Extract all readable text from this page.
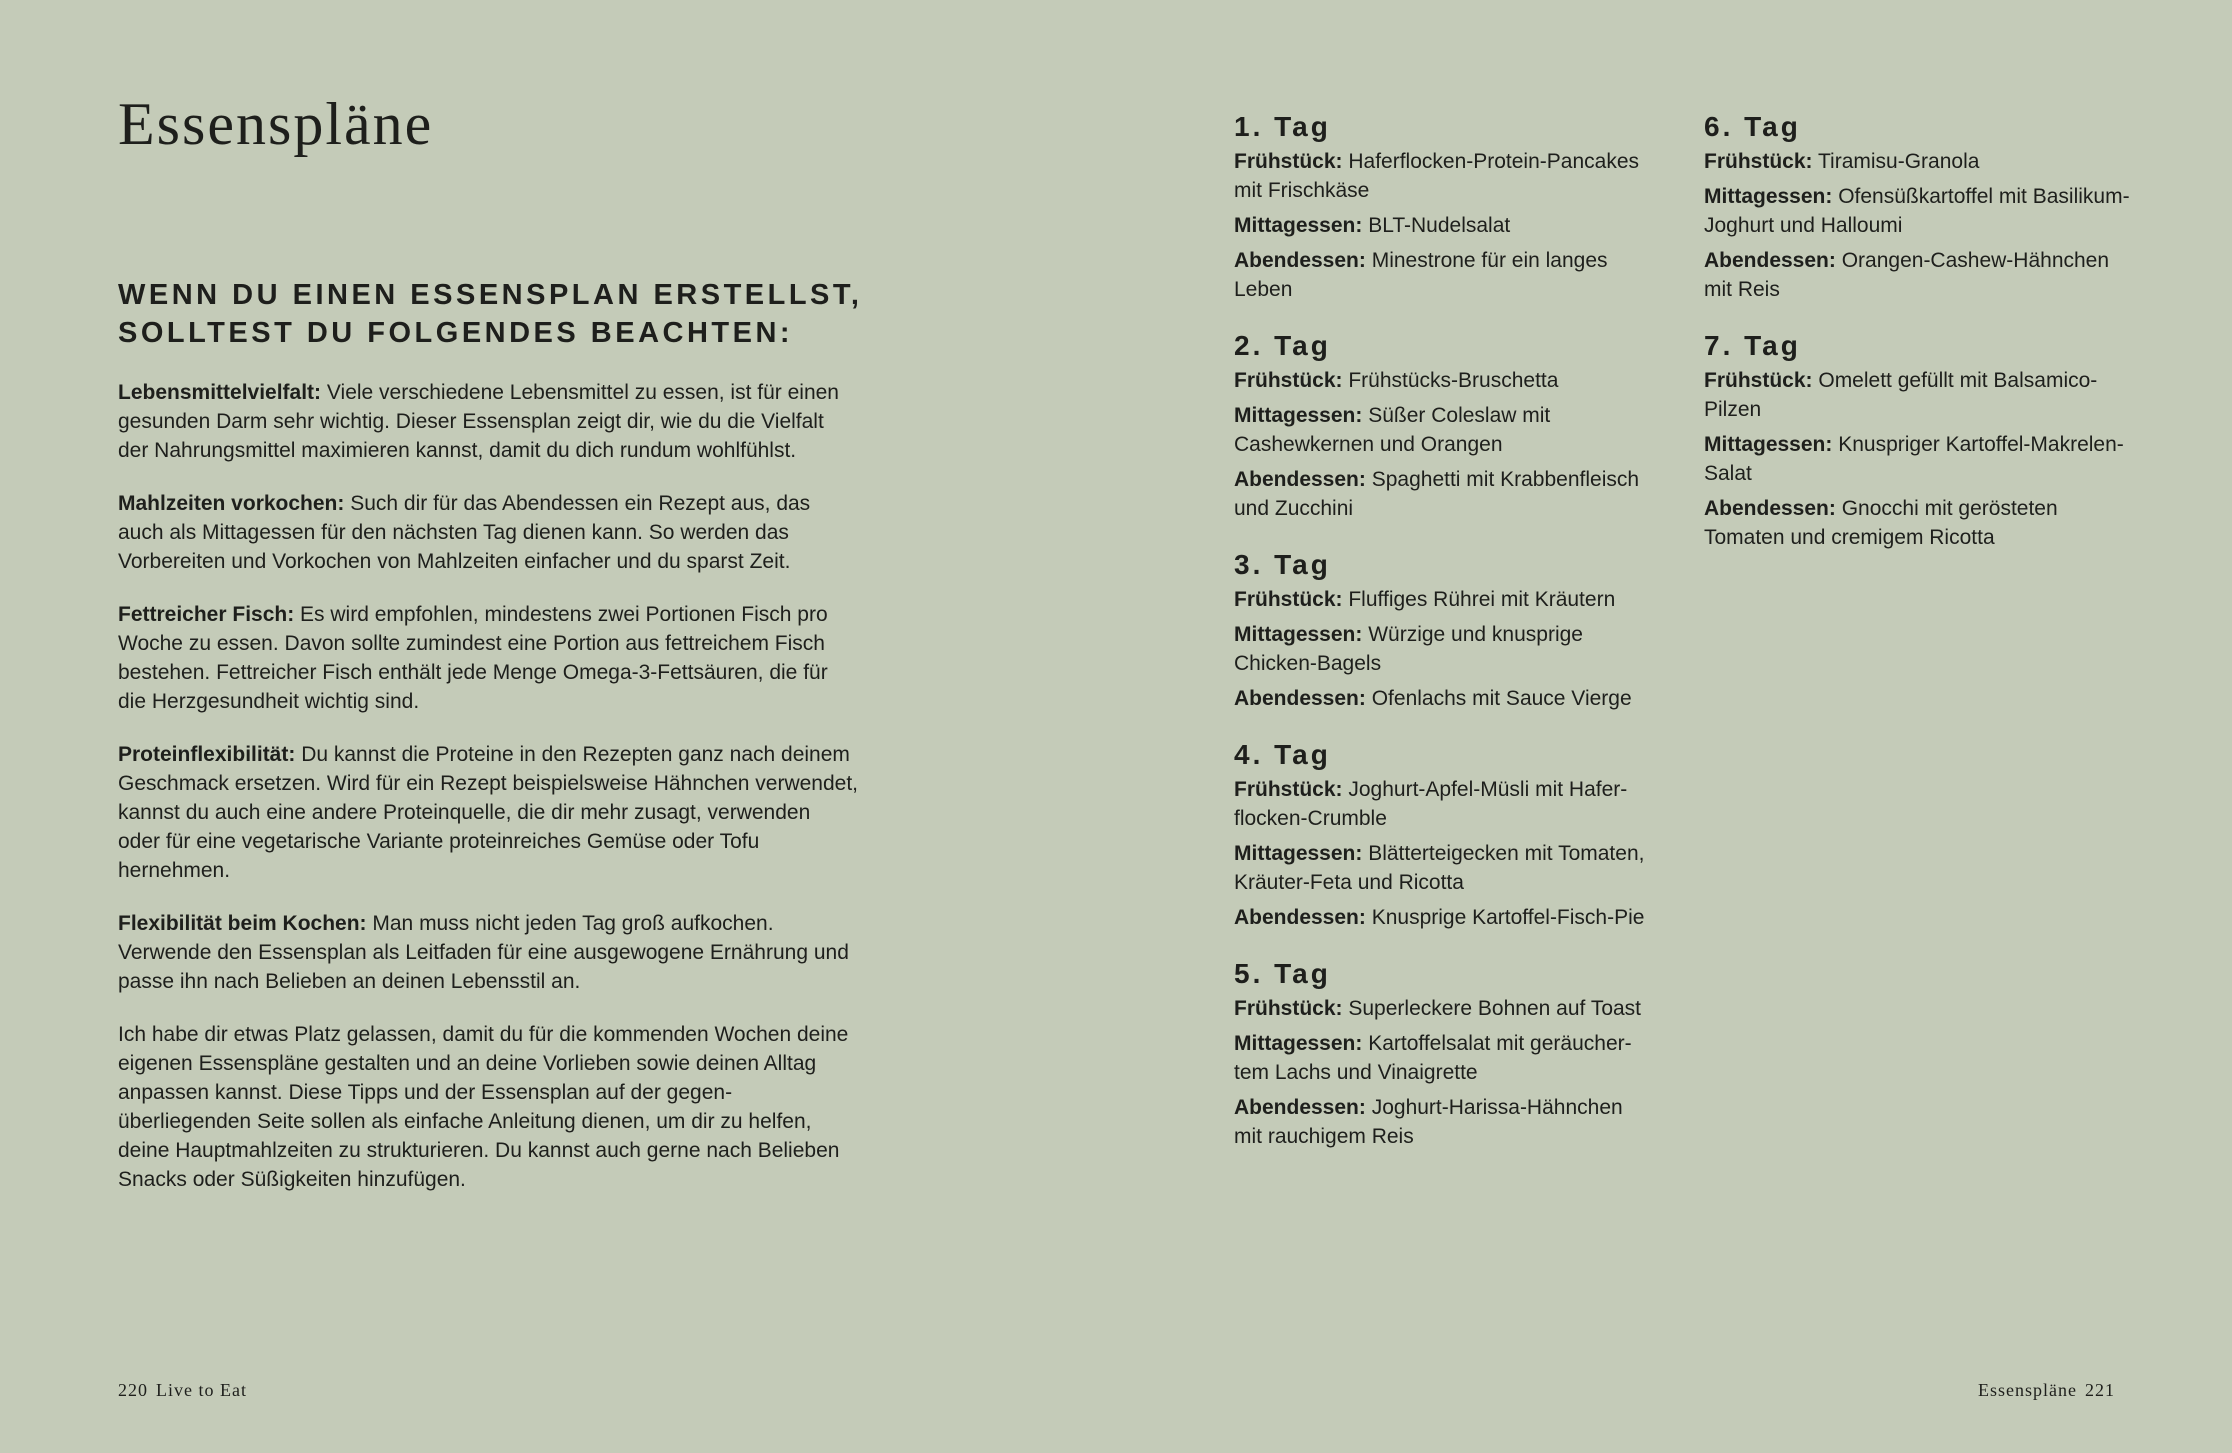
Essenspläne
WENN DU EINEN ESSENSPLAN ERSTELLST, SOLLTEST DU FOLGENDES BEACHTEN:

Lebensmittelvielfalt: Viele verschiedene Lebensmittel zu essen, ist für einen gesunden Darm sehr wichtig. Dieser Essensplan zeigt dir, wie du die Vielfalt der Nahrungsmittel maximieren kannst, damit du dich rundum wohlfühlst.

Mahlzeiten vorkochen: Such dir für das Abendessen ein Rezept aus, das auch als Mittagessen für den nächsten Tag dienen kann. So werden das Vorbereiten und Vorkochen von Mahlzeiten einfacher und du sparst Zeit.

Fettreicher Fisch: Es wird empfohlen, mindestens zwei Portionen Fisch pro Woche zu essen. Davon sollte zumindest eine Portion aus fettreichem Fisch bestehen. Fettreicher Fisch enthält jede Menge Omega-3-Fettsäuren, die für die Herzgesundheit wichtig sind.

Proteinflexibilität: Du kannst die Proteine in den Rezepten ganz nach deinem Geschmack ersetzen. Wird für ein Rezept beispielsweise Hähnchen verwendet, kannst du auch eine andere Proteinquelle, die dir mehr zusagt, verwenden oder für eine vegetarische Variante proteinreiches Gemüse oder Tofu hernehmen.

Flexibilität beim Kochen: Man muss nicht jeden Tag groß aufkochen. Verwende den Essensplan als Leitfaden für eine ausgewogene Ernährung und passe ihn nach Belieben an deinen Lebensstil an.

Ich habe dir etwas Platz gelassen, damit du für die kommenden Wochen deine eigenen Essenspläne gestalten und an deine Vorlieben sowie deinen Alltag anpassen kannst. Diese Tipps und der Essensplan auf der gegenüberliegenden Seite sollen als einfache Anleitung dienen, um dir zu helfen, deine Hauptmahlzeiten zu strukturieren. Du kannst auch gerne nach Belieben Snacks oder Süßigkeiten hinzufügen.

1. Tag

Frühstück: Haferflocken-Protein-Pancakes mit Frischkäse

Mittagessen: BLT-Nudelsalat

Abendessen: Minestrone für ein langes Leben

2. Tag

Frühstück: Frühstücks-Bruschetta

Mittagessen: Süßer Coleslaw mit Cashewkernen und Orangen

Abendessen: Spaghetti mit Krabbenfleisch und Zucchini

3. Tag

Frühstück: Fluffiges Rührei mit Kräutern

Mittagessen: Würzige und knusprige Chicken-Bagels

Abendessen: Ofenlachs mit Sauce Vierge

4. Tag

Frühstück: Joghurt-Apfel-Müsli mit Haferflocken-Crumble

Mittagessen: Blätterteigecken mit Tomaten, Kräuter-Feta und Ricotta

Abendessen: Knusprige Kartoffel-Fisch-Pie

5. Tag

Frühstück: Superleckere Bohnen auf Toast

Mittagessen: Kartoffelsalat mit geräuchertem Lachs und Vinaigrette

Abendessen: Joghurt-Harissa-Hähnchen mit rauchigem Reis

6. Tag

Frühstück: Tiramisu-Granola

Mittagessen: Ofensüßkartoffel mit Basilikum-Joghurt und Halloumi

Abendessen: Orangen-Cashew-Hähnchen mit Reis

7. Tag

Frühstück: Omelett gefüllt mit Balsamico-Pilzen

Mittagessen: Knuspriger Kartoffel-Makrelen-Salat

Abendessen: Gnocchi mit gerösteten Tomaten und cremigem Ricotta

220 Live to Eat	Essenspläne 221
